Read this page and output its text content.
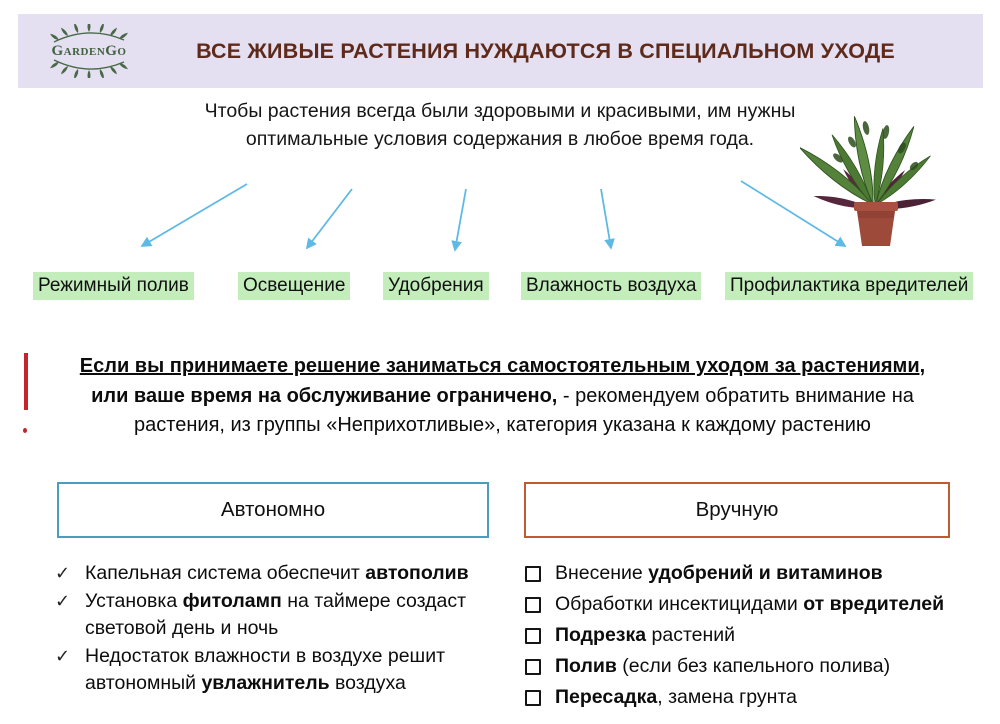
GardenGo	ВСЕ ЖИВЫЕ РАСТЕНИЯ НУЖДАЮТСЯ В СПЕЦИАЛЬНОМ УХОДЕ
Чтобы растения всегда были здоровыми и красивыми, им нужны оптимальные условия содержания в любое время года.
Режимный полив	Освещение Удобрения Влажность воздуха Профилактика вредителей
Если вы принимаете решение заниматься самостоятельным уходом за растениями,
или ваше время на обслуживание ограничено, - рекомендуем обратить внимание на
растения, из группы «Неприхотливые», категория указана к каждому растению
Автономно	Вручную
✓ Капельная система обеспечит автополив
✓ Установка фитоламп на таймере создаст световой день и ночь
✓ Недостаток влажности в воздухе решит автономный увлажнитель воздуха
Внесение удобрений и витаминов
Обработки инсектицидами от вредителей
Подрезка растений
Полив (если без капельного полива)
Пересадка, замена грунта
